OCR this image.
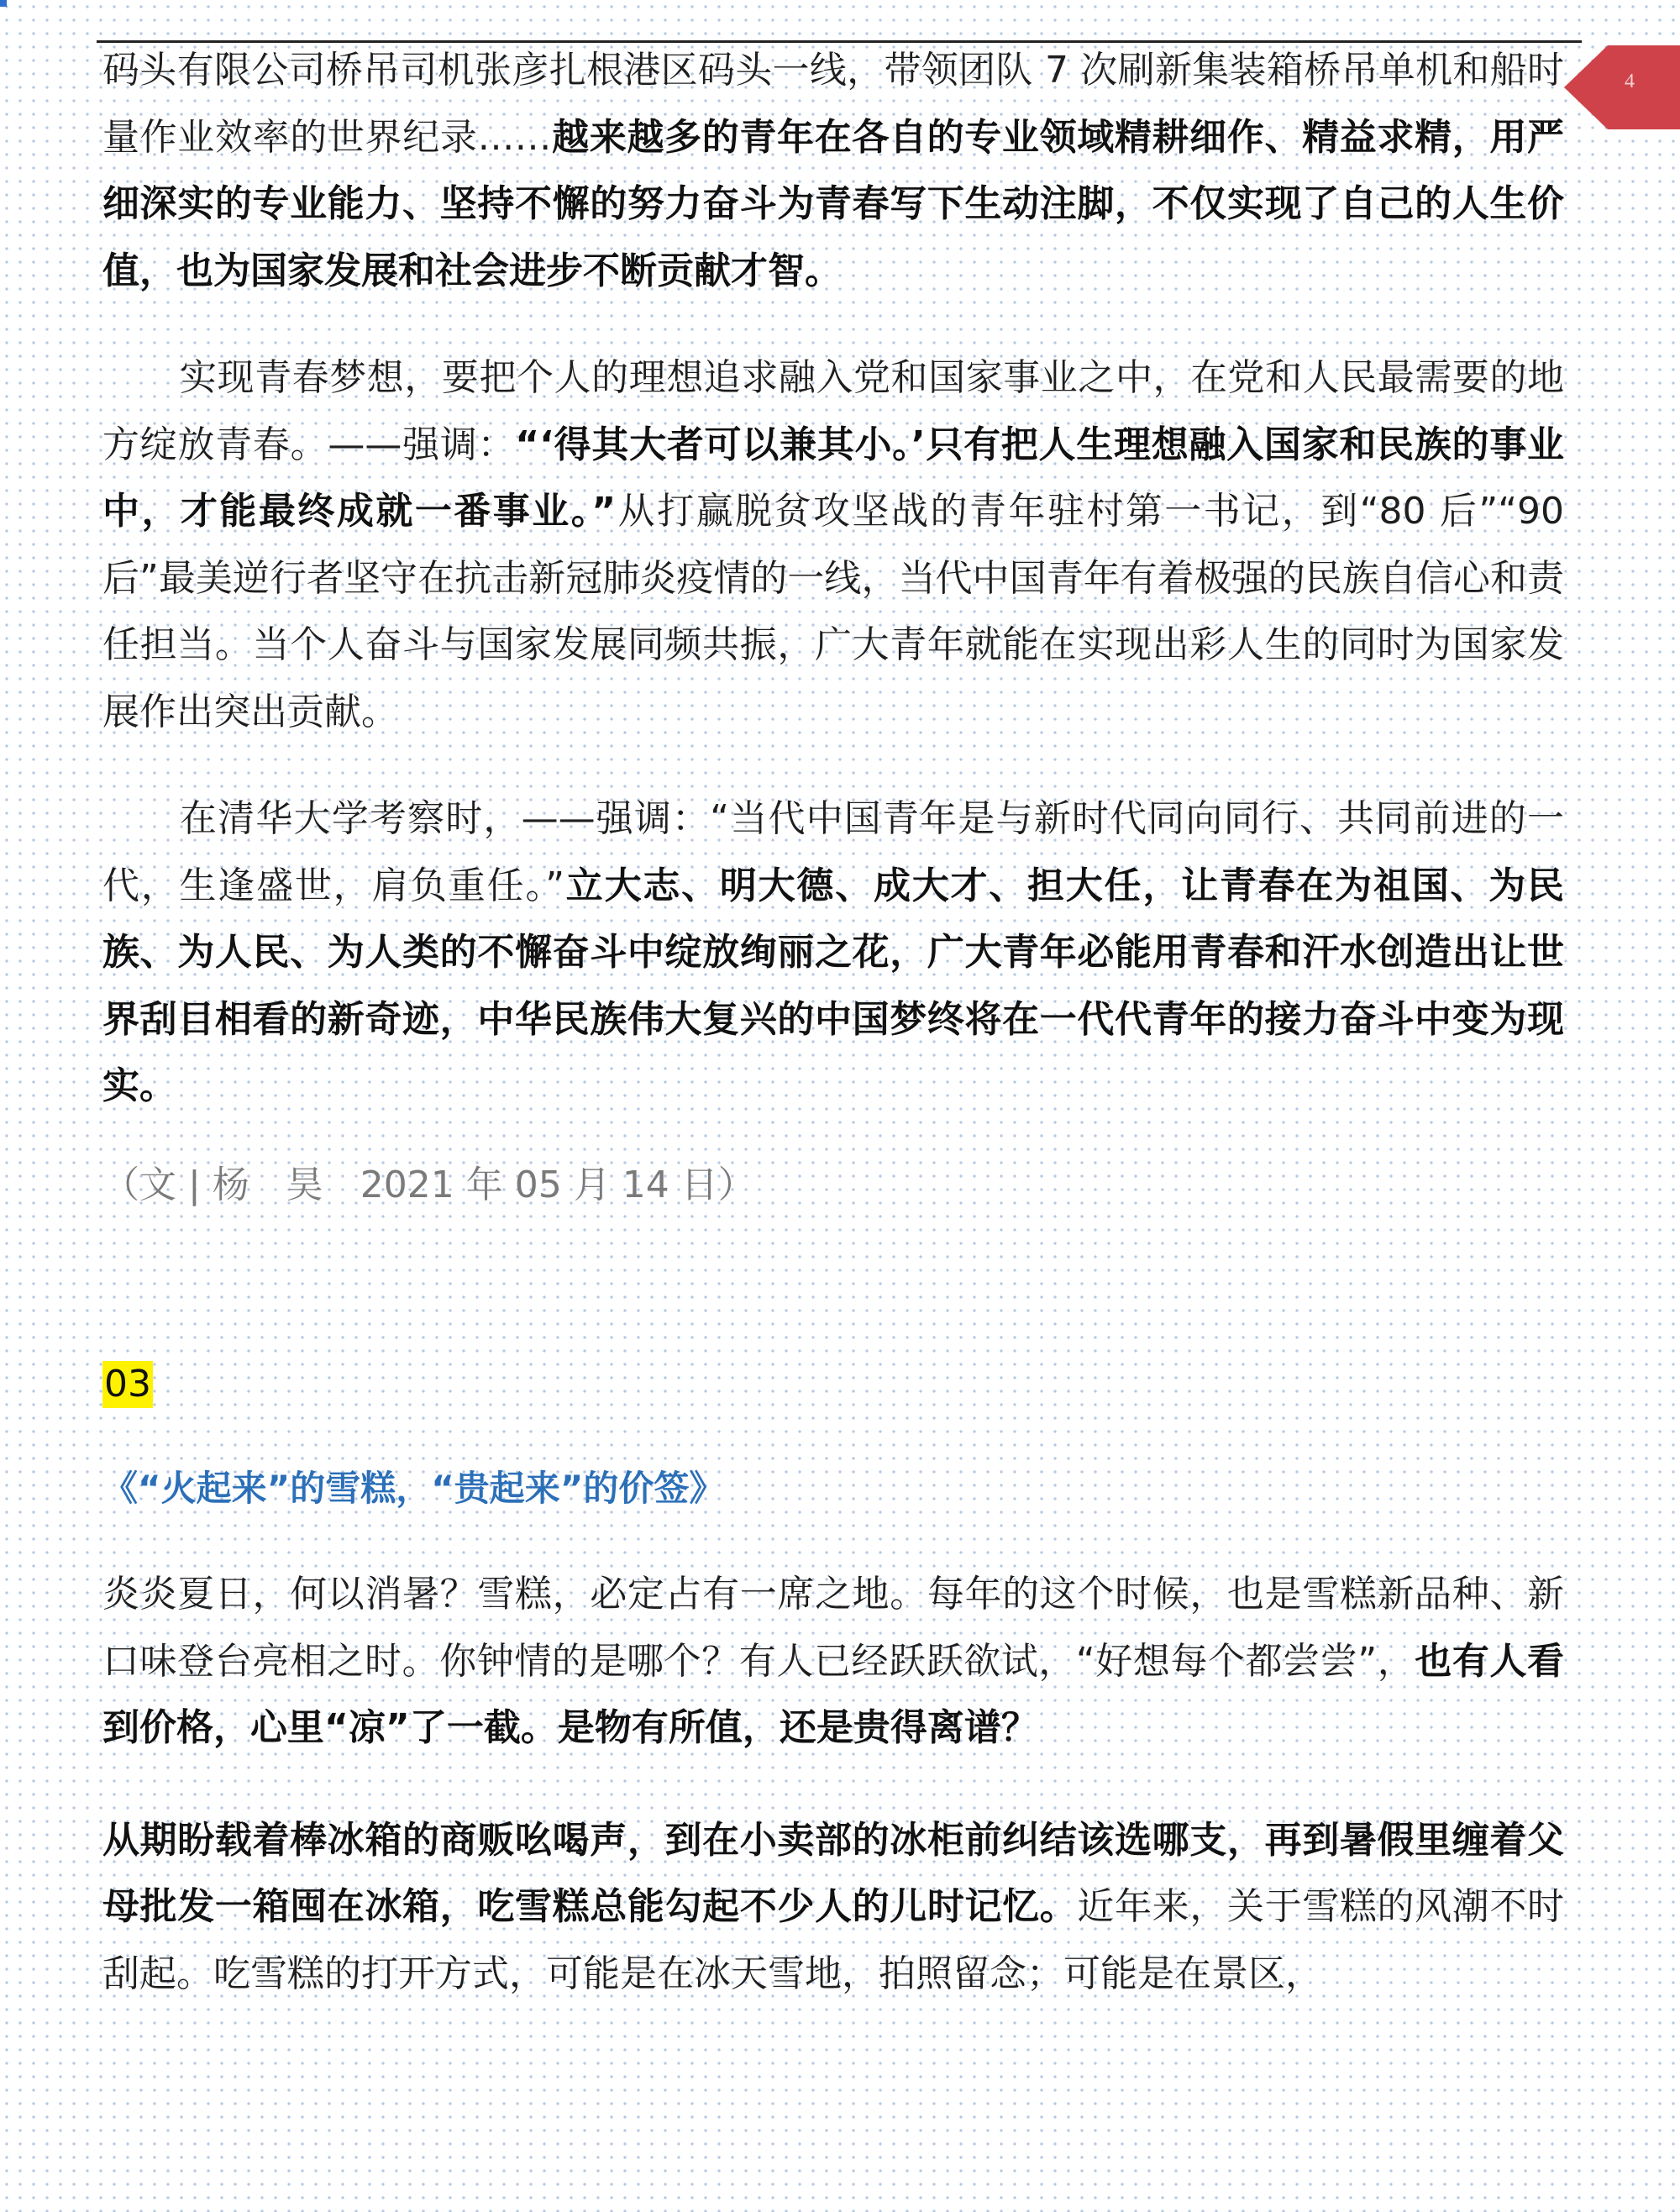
4

码头有限公司桥吊司机张彦扎根港区码头一线，带领团队 7 次刷新集装箱桥吊单机和船时量作业效率的世界纪录……越来越多的青年在各自的专业领域精耕细作、精益求精，用严细深实的专业能力、坚持不懈的努力奋斗为青春写下生动注脚，不仅实现了自己的人生价值，也为国家发展和社会进步不断贡献才智。

实现青春梦想，要把个人的理想追求融入党和国家事业之中，在党和人民最需要的地方绽放青春。——强调：“‘得其大者可以兼其小。’只有把人生理想融入国家和民族的事业中，才能最终成就一番事业。”从打赢脱贫攻坚战的青年驻村第一书记，到“80 后”“90 后”最美逆行者坚守在抗击新冠肺炎疫情的一线，当代中国青年有着极强的民族自信心和责任担当。当个人奋斗与国家发展同频共振，广大青年就能在实现出彩人生的同时为国家发展作出突出贡献。

在清华大学考察时，——强调：“当代中国青年是与新时代同向同行、共同前进的一代，生逢盛世，肩负重任。”立大志、明大德、成大才、担大任，让青春在为祖国、为民族、为人民、为人类的不懈奋斗中绽放绚丽之花，广大青年必能用青春和汗水创造出让世界刮目相看的新奇迹，中华民族伟大复兴的中国梦终将在一代代青年的接力奋斗中变为现实。

（文 | 杨　昊　2021 年 05 月 14 日）

03
《“火起来”的雪糕，“贵起来”的价签》

炎炎夏日，何以消暑？雪糕，必定占有一席之地。每年的这个时候，也是雪糕新品种、新口味登台亮相之时。你钟情的是哪个？有人已经跃跃欲试，“好想每个都尝尝”，也有人看到价格，心里“凉”了一截。是物有所值，还是贵得离谱？

从期盼载着棒冰箱的商贩吆喝声，到在小卖部的冰柜前纠结该选哪支，再到暑假里缠着父母批发一箱囤在冰箱，吃雪糕总能勾起不少人的儿时记忆。近年来，关于雪糕的风潮不时刮起。吃雪糕的打开方式，可能是在冰天雪地，拍照留念；可能是在景区，
